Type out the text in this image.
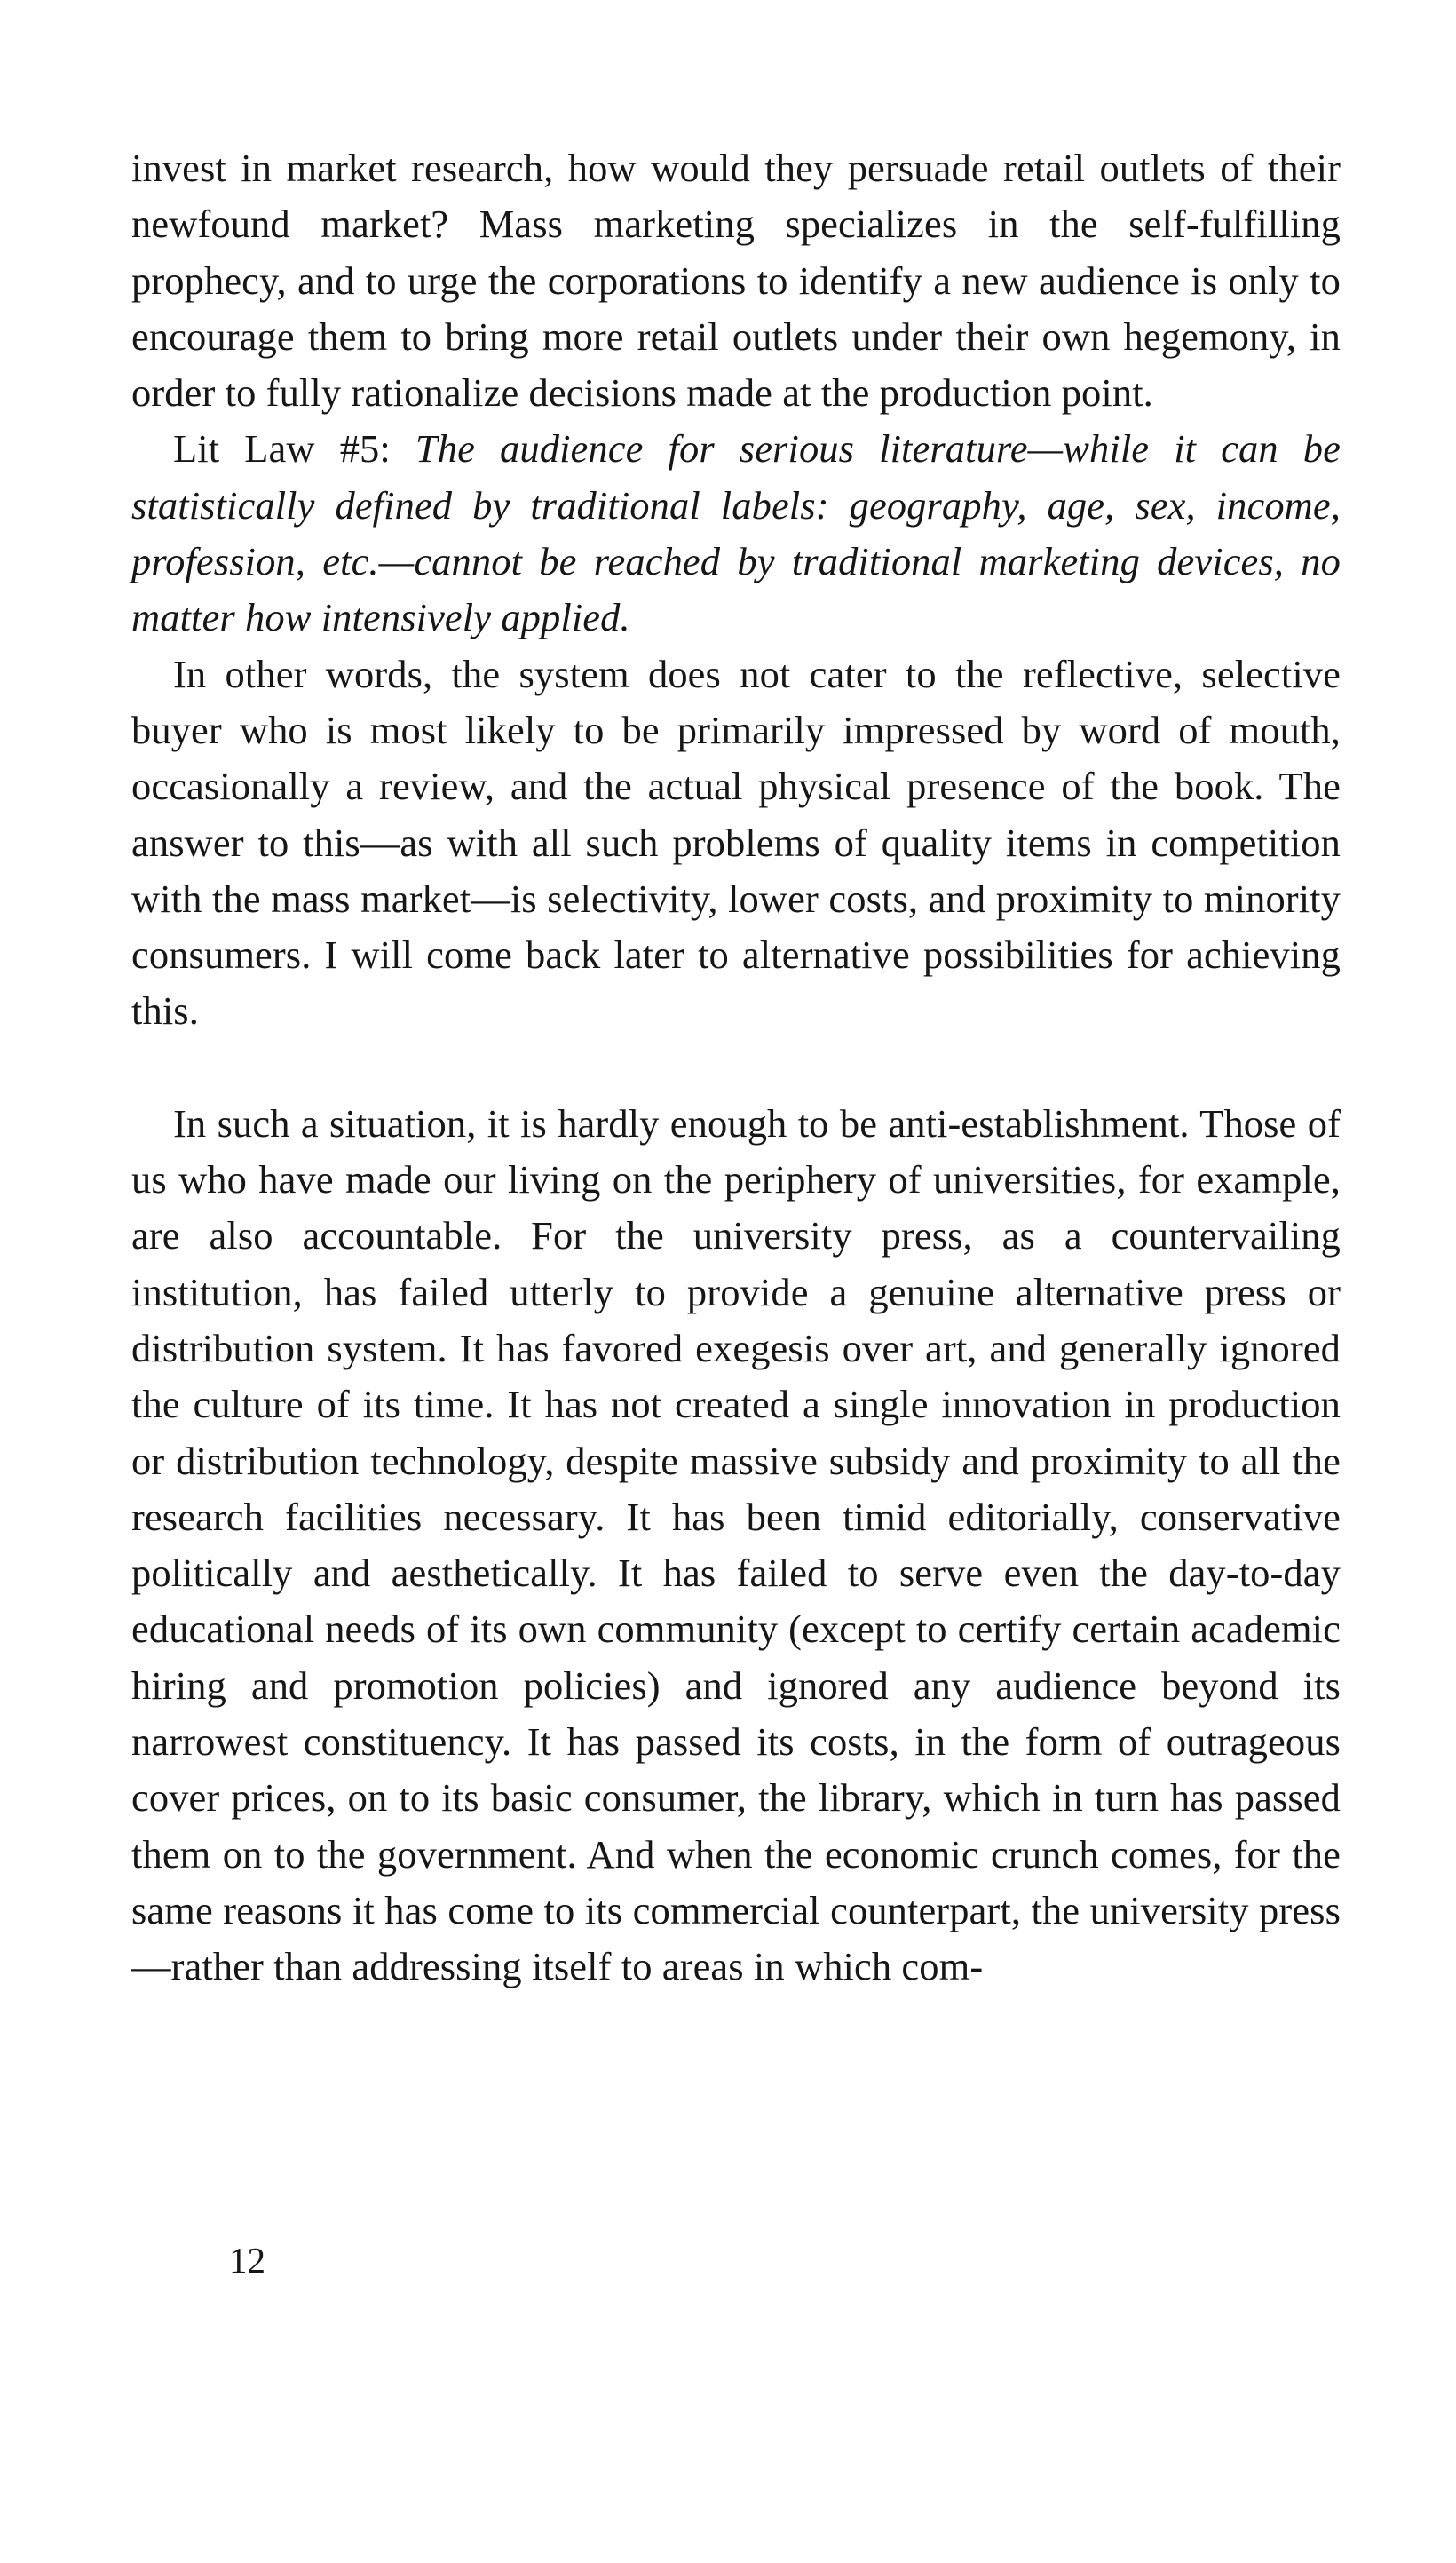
invest in market research, how would they persuade retail outlets of their newfound market? Mass marketing specializes in the self-fulfilling prophecy, and to urge the corporations to identify a new audience is only to encourage them to bring more retail outlets under their own hegemony, in order to fully rationalize decisions made at the production point.

Lit Law #5: The audience for serious literature—while it can be statistically defined by traditional labels: geography, age, sex, income, profession, etc.—cannot be reached by traditional marketing devices, no matter how intensively applied.

In other words, the system does not cater to the reflective, selective buyer who is most likely to be primarily impressed by word of mouth, occasionally a review, and the actual physical presence of the book. The answer to this—as with all such problems of quality items in competition with the mass market—is selectivity, lower costs, and proximity to minority consumers. I will come back later to alternative possibilities for achieving this.

In such a situation, it is hardly enough to be anti-establishment. Those of us who have made our living on the periphery of universities, for example, are also accountable. For the university press, as a countervailing institution, has failed utterly to provide a genuine alternative press or distribution system. It has favored exegesis over art, and generally ignored the culture of its time. It has not created a single innovation in production or distribution technology, despite massive subsidy and proximity to all the research facilities necessary. It has been timid editorially, conservative politically and aesthetically. It has failed to serve even the day-to-day educational needs of its own community (except to certify certain academic hiring and promotion policies) and ignored any audience beyond its narrowest constituency. It has passed its costs, in the form of outrageous cover prices, on to its basic consumer, the library, which in turn has passed them on to the government. And when the economic crunch comes, for the same reasons it has come to its commercial counterpart, the university press—rather than addressing itself to areas in which com-

12
